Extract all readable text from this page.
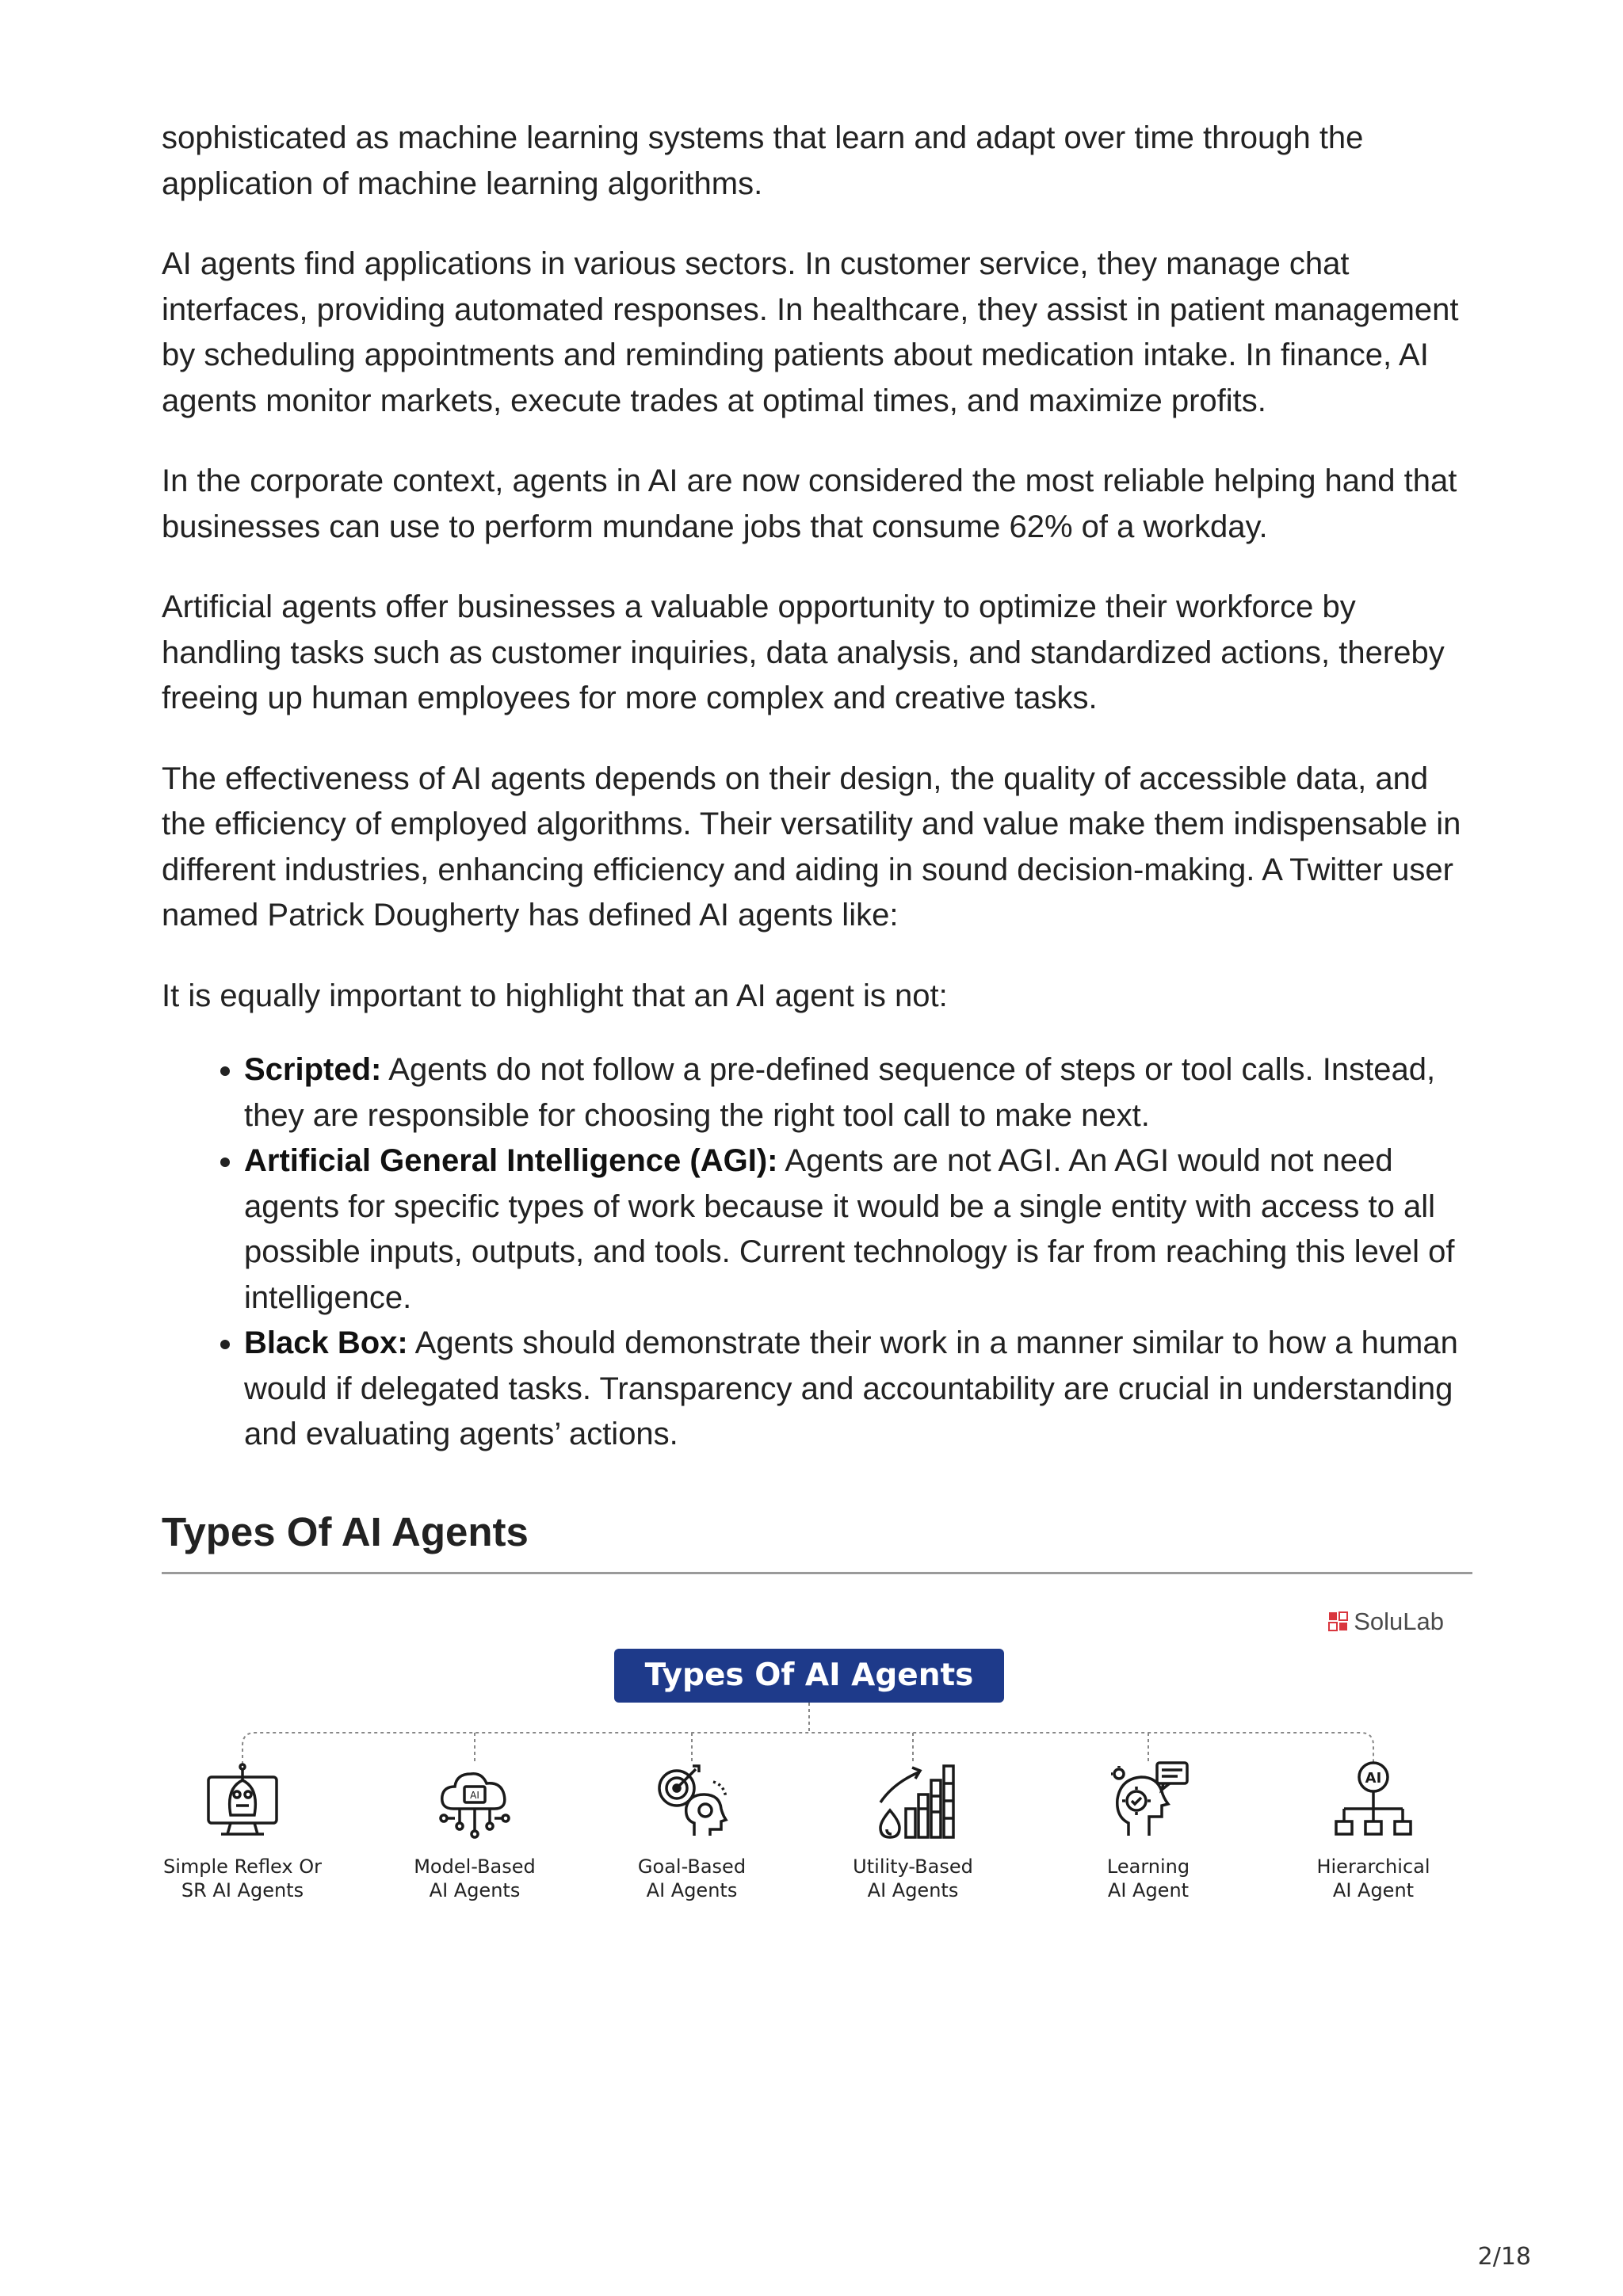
sophisticated as machine learning systems that learn and adapt over time through the application of machine learning algorithms.

AI agents find applications in various sectors. In customer service, they manage chat interfaces, providing automated responses. In healthcare, they assist in patient management by scheduling appointments and reminding patients about medication intake. In finance, AI agents monitor markets, execute trades at optimal times, and maximize profits.

In the corporate context, agents in AI are now considered the most reliable helping hand that businesses can use to perform mundane jobs that consume 62% of a workday.

Artificial agents offer businesses a valuable opportunity to optimize their workforce by handling tasks such as customer inquiries, data analysis, and standardized actions, thereby freeing up human employees for more complex and creative tasks.

The effectiveness of AI agents depends on their design, the quality of accessible data, and the efficiency of employed algorithms. Their versatility and value make them indispensable in different industries, enhancing efficiency and aiding in sound decision-making. A Twitter user named Patrick Dougherty has defined AI agents like:

It is equally important to highlight that an AI agent is not:

• Scripted: Agents do not follow a pre-defined sequence of steps or tool calls. Instead, they are responsible for choosing the right tool call to make next.
• Artificial General Intelligence (AGI): Agents are not AGI. An AGI would not need agents for specific types of work because it would be a single entity with access to all possible inputs, outputs, and tools. Current technology is far from reaching this level of intelligence.
• Black Box: Agents should demonstrate their work in a manner similar to how a human would if delegated tasks. Transparency and accountability are crucial in understanding and evaluating agents’ actions.
Types Of AI Agents
SoluLab
Types Of AI Agents
Simple Reflex Or
SR AI Agents
AI
Model-Based
AI Agents
Goal-Based
AI Agents
Utility-Based
AI Agents
Learning
AI Agent
AI
Hierarchical
AI Agent
2/18
